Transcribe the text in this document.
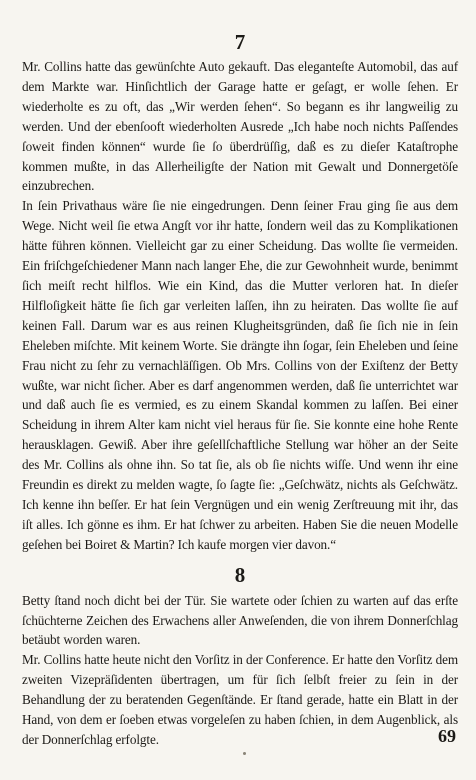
7

Mr. Collins hatte das gewünſchte Auto gekauft. Das eleganteſte Automobil, das auf dem Markte war. Hinſichtlich der Garage hatte er geſagt, er wolle ſehen. Er wiederholte es zu oft, das „Wir werden ſehen“. So begann es ihr langweilig zu werden. Und der ebenſooft wiederholten Ausrede „Ich habe noch nichts Paſſendes ſoweit finden können“ wurde ſie ſo überdrüſſig, daß es zu dieſer Kataſtrophe kommen mußte, in das Allerheiligſte der Nation mit Gewalt und Donnergetöſe einzubrechen.

In ſein Privathaus wäre ſie nie eingedrungen. Denn ſeiner Frau ging ſie aus dem Wege. Nicht weil ſie etwa Angſt vor ihr hatte, ſondern weil das zu Komplikationen hätte führen können. Vielleicht gar zu einer Scheidung. Das wollte ſie vermeiden. Ein friſchgeſchiedener Mann nach langer Ehe, die zur Gewohnheit wurde, benimmt ſich meiſt recht hilflos. Wie ein Kind, das die Mutter verloren hat. In dieſer Hilfloſigkeit hätte ſie ſich gar verleiten laſſen, ihn zu heiraten. Das wollte ſie auf keinen Fall. Darum war es aus reinen Klugheitsgründen, daß ſie ſich nie in ſein Eheleben miſchte. Mit keinem Worte. Sie drängte ihn ſogar, ſein Eheleben und ſeine Frau nicht zu ſehr zu vernachläſſigen. Ob Mrs. Collins von der Exiſtenz der Betty wußte, war nicht ſicher. Aber es darf angenommen werden, daß ſie unterrichtet war und daß auch ſie es vermied, es zu einem Skandal kommen zu laſſen. Bei einer Scheidung in ihrem Alter kam nicht viel heraus für ſie. Sie konnte eine hohe Rente herausklagen. Gewiß. Aber ihre geſellſchaftliche Stellung war höher an der Seite des Mr. Collins als ohne ihn. So tat ſie, als ob ſie nichts wiſſe. Und wenn ihr eine Freundin es direkt zu melden wagte, ſo ſagte ſie: „Geſchwätz, nichts als Geſchwätz. Ich kenne ihn beſſer. Er hat ſein Vergnügen und ein wenig Zerſtreuung mit ihr, das iſt alles. Ich gönne es ihm. Er hat ſchwer zu arbeiten. Haben Sie die neuen Modelle geſehen bei Boiret & Martin? Ich kaufe morgen vier davon.“

8

Betty ſtand noch dicht bei der Tür. Sie wartete oder ſchien zu warten auf das erſte ſchüchterne Zeichen des Erwachens aller Anweſenden, die von ihrem Donnerſchlag betäubt worden waren.

Mr. Collins hatte heute nicht den Vorſitz in der Conference. Er hatte den Vorſitz dem zweiten Vizepräſidenten übertragen, um für ſich ſelbſt freier zu ſein in der Behandlung der zu beratenden Gegenſtände. Er ſtand gerade, hatte ein Blatt in der Hand, von dem er ſoeben etwas vorgeleſen zu haben ſchien, in dem Augenblick, als der Donnerſchlag erfolgte.	69
